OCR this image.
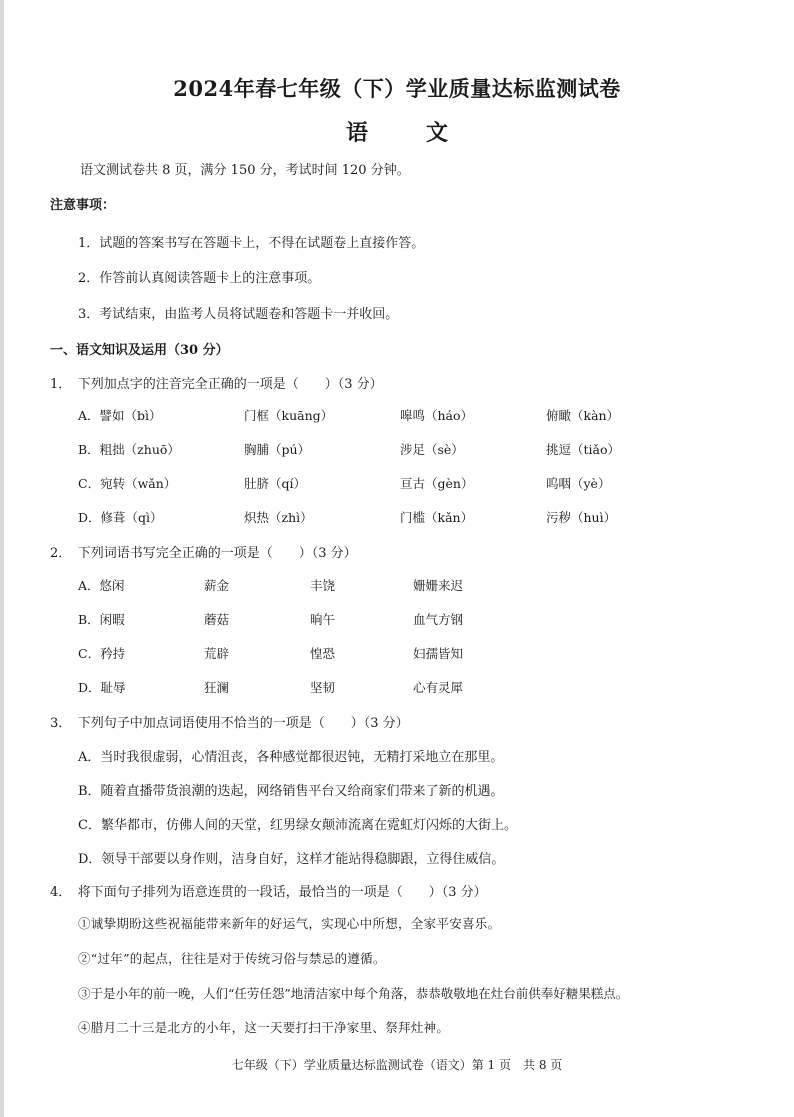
2024年春七年级（下）学业质量达标监测试卷
语　文
语文测试卷共 8 页，满分 150 分，考试时间 120 分钟。
注意事项：
1．试题的答案书写在答题卡上，不得在试题卷上直接作答。
2．作答前认真阅读答题卡上的注意事项。
3．考试结束，由监考人员将试题卷和答题卡一并收回。
一、语文知识及运用（30 分）
1．　下列加点字的注音完全正确的一项是（　　）（3 分）
A．譬如（bì）	门框（kuāng）	嗥鸣（háo）	俯瞰（kàn）
B．粗拙（zhuō）	胸脯（pú）	涉足（sè）	挑逗（tiǎo）
C．宛转（wǎn）	肚脐（qí）	亘古（gèn）	呜咽（yè）
D．修葺（qì）	炽热（zhì）	门槛（kǎn）	污秽（huì）
2．　下列词语书写完全正确的一项是（　　）（3 分）
A．悠闲	薪金	丰饶	姗姗来迟
B．闲暇	蘑菇	晌午	血气方钢
C．矜持	荒辟	惶恐	妇孺皆知
D．耻辱	狂澜	坚韧	心有灵犀
3．　下列句子中加点词语使用不恰当的一项是（　　）（3 分）
A．当时我很虚弱，心情沮丧，各种感觉都很迟钝，无精打采地立在那里。
B．随着直播带货浪潮的迭起，网络销售平台又给商家们带来了新的机遇。
C．繁华都市，仿佛人间的天堂，红男绿女颠沛流离在霓虹灯闪烁的大街上。
D．领导干部要以身作则，洁身自好，这样才能站得稳脚跟，立得住威信。
4．　将下面句子排列为语意连贯的一段话，最恰当的一项是（　　）（3 分）
①诚挚期盼这些祝福能带来新年的好运气，实现心中所想，全家平安喜乐。
②“过年”的起点，往往是对于传统习俗与禁忌的遵循。
③于是小年的前一晚，人们“任劳任怨”地清洁家中每个角落，恭恭敬敬地在灶台前供奉好糖果糕点。
④腊月二十三是北方的小年，这一天要打扫干净家里、祭拜灶神。
七年级（下）学业质量达标监测试卷（语文）第 1 页　共 8 页
